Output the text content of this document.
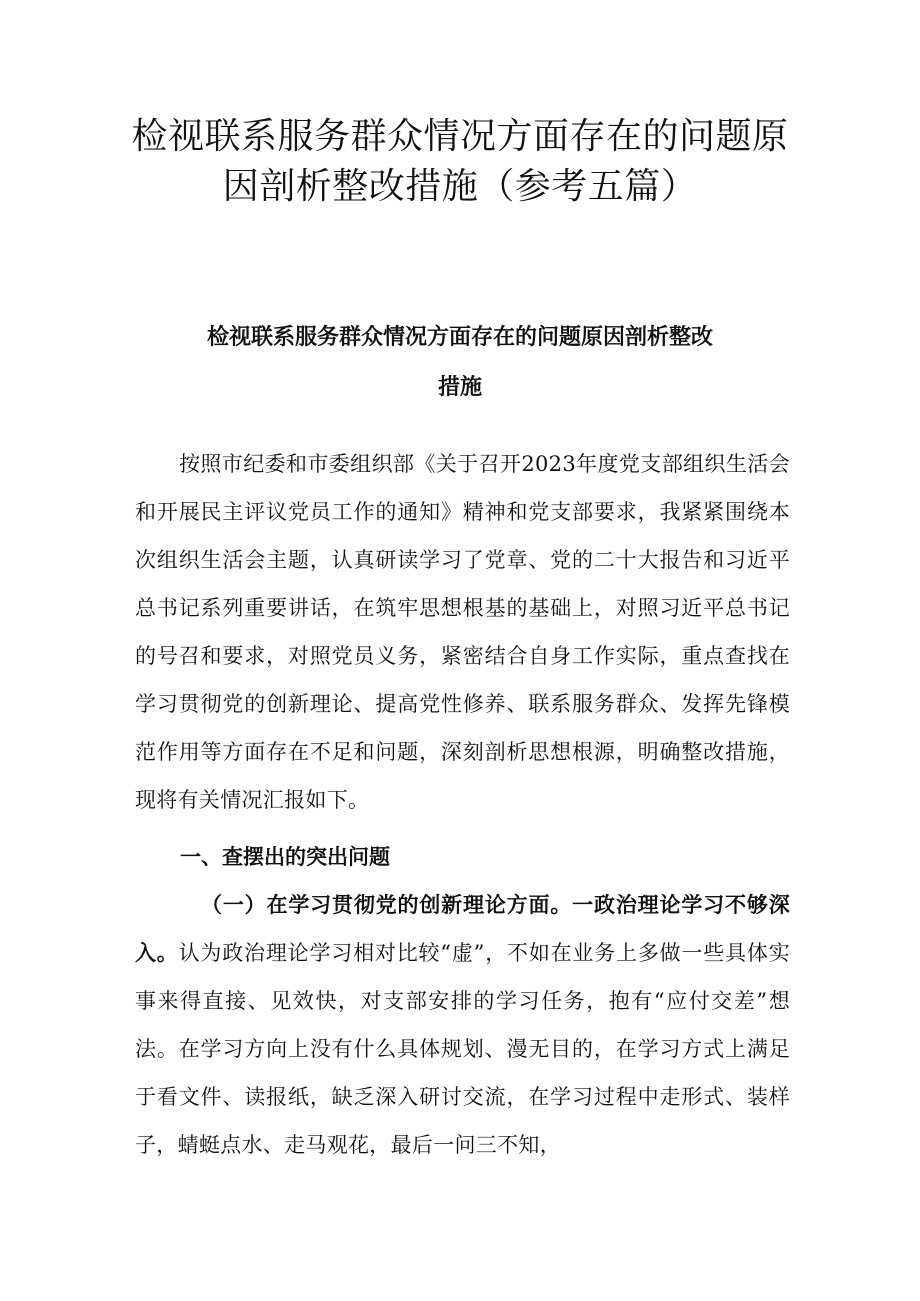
检视联系服务群众情况方面存在的问题原
因剖析整改措施（参考五篇）
检视联系服务群众情况方面存在的问题原因剖析整改
措施

按照市纪委和市委组织部《关于召开2023年度党支部组织生活会和开展民主评议党员工作的通知》精神和党支部要求，我紧紧围绕本次组织生活会主题，认真研读学习了党章、党的二十大报告和习近平总书记系列重要讲话，在筑牢思想根基的基础上，对照习近平总书记的号召和要求，对照党员义务，紧密结合自身工作实际，重点查找在学习贯彻党的创新理论、提高党性修养、联系服务群众、发挥先锋模范作用等方面存在不足和问题，深刻剖析思想根源，明确整改措施，现将有关情况汇报如下。

一、查摆出的突出问题

（一）在学习贯彻党的创新理论方面。一政治理论学习不够深入。认为政治理论学习相对比较“虚”，不如在业务上多做一些具体实事来得直接、见效快，对支部安排的学习任务，抱有“应付交差”想法。在学习方向上没有什么具体规划、漫无目的，在学习方式上满足于看文件、读报纸，缺乏深入研讨交流，在学习过程中走形式、装样子，蜻蜓点水、走马观花，最后一问三不知，
